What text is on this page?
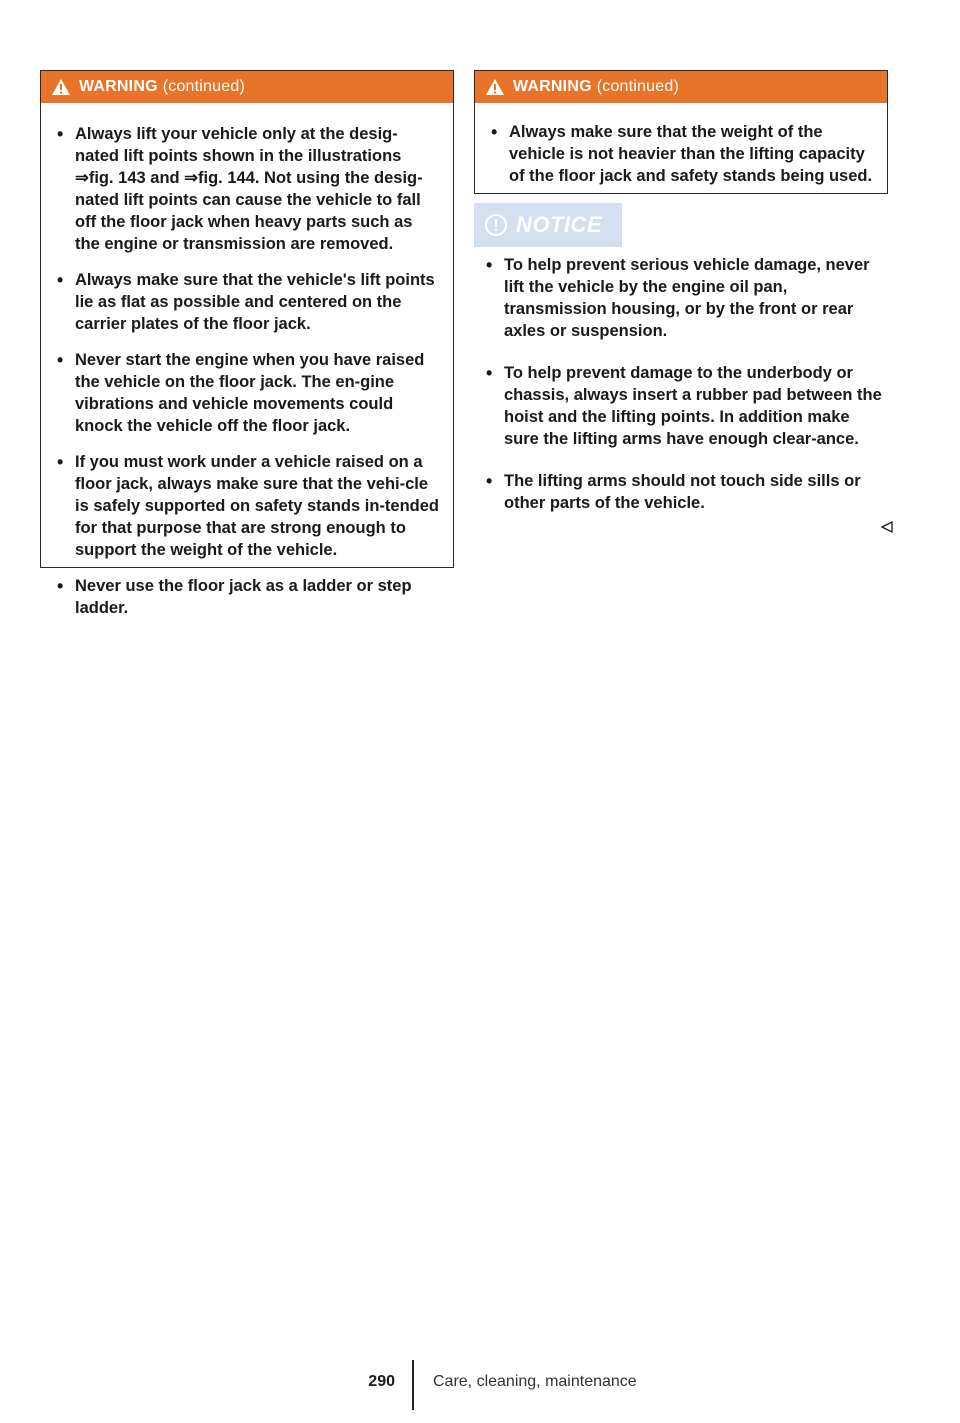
WARNING (continued)
• Always lift your vehicle only at the desig-nated lift points shown in the illustrations ⇒fig. 143 and ⇒fig. 144. Not using the desig-nated lift points can cause the vehicle to fall off the floor jack when heavy parts such as the engine or transmission are removed.
• Always make sure that the vehicle's lift points lie as flat as possible and centered on the carrier plates of the floor jack.
• Never start the engine when you have raised the vehicle on the floor jack. The en-gine vibrations and vehicle movements could knock the vehicle off the floor jack.
• If you must work under a vehicle raised on a floor jack, always make sure that the vehi-cle is safely supported on safety stands in-tended for that purpose that are strong enough to support the weight of the vehicle.
• Never use the floor jack as a ladder or step ladder.
WARNING (continued)
• Always make sure that the weight of the vehicle is not heavier than the lifting capacity of the floor jack and safety stands being used.
NOTICE
• To help prevent serious vehicle damage, never lift the vehicle by the engine oil pan, transmission housing, or by the front or rear axles or suspension.
• To help prevent damage to the underbody or chassis, always insert a rubber pad between the hoist and the lifting points. In addition make sure the lifting arms have enough clear-ance.
• The lifting arms should not touch side sills or other parts of the vehicle.
290 Care, cleaning, maintenance
